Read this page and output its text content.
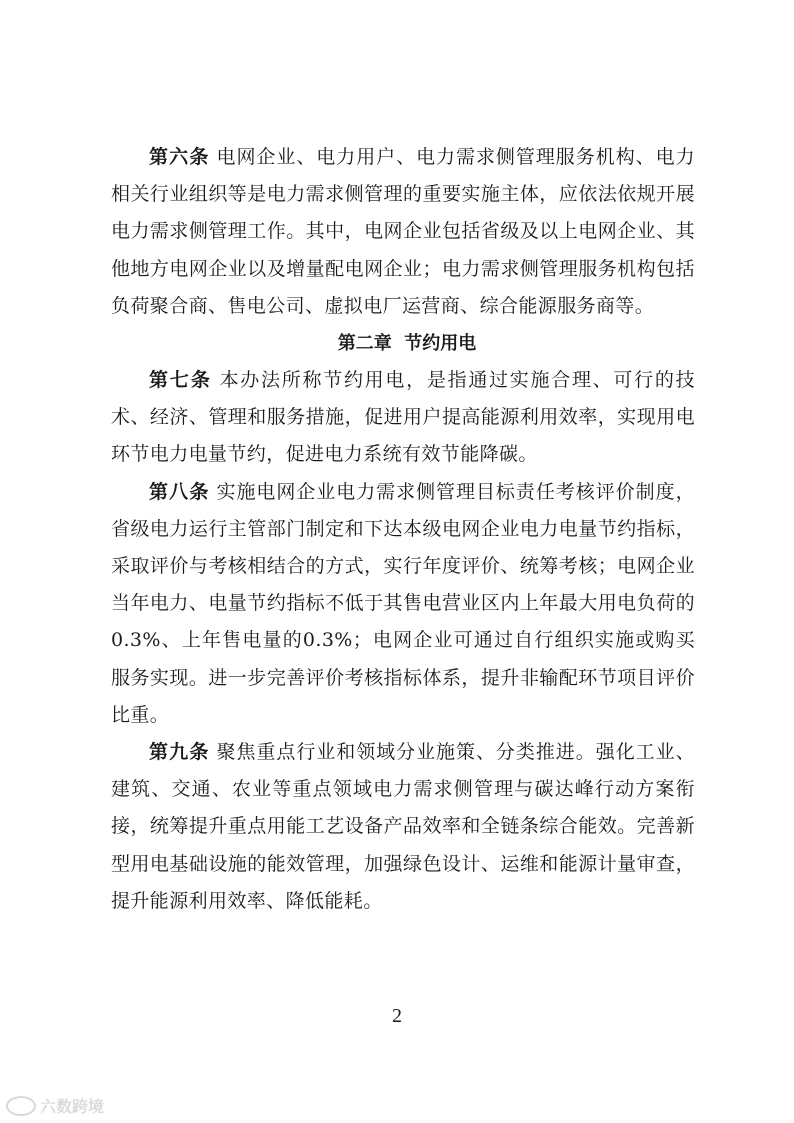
第六条 电网企业、电力用户、电力需求侧管理服务机构、电力相关行业组织等是电力需求侧管理的重要实施主体，应依法依规开展电力需求侧管理工作。其中，电网企业包括省级及以上电网企业、其他地方电网企业以及增量配电网企业；电力需求侧管理服务机构包括负荷聚合商、售电公司、虚拟电厂运营商、综合能源服务商等。

第二章 节约用电

第七条 本办法所称节约用电，是指通过实施合理、可行的技术、经济、管理和服务措施，促进用户提高能源利用效率，实现用电环节电力电量节约，促进电力系统有效节能降碳。

第八条 实施电网企业电力需求侧管理目标责任考核评价制度，省级电力运行主管部门制定和下达本级电网企业电力电量节约指标，采取评价与考核相结合的方式，实行年度评价、统筹考核；电网企业当年电力、电量节约指标不低于其售电营业区内上年最大用电负荷的0.3%、上年售电量的0.3%；电网企业可通过自行组织实施或购买服务实现。进一步完善评价考核指标体系，提升非输配环节项目评价比重。

第九条 聚焦重点行业和领域分业施策、分类推进。强化工业、建筑、交通、农业等重点领域电力需求侧管理与碳达峰行动方案衔接，统筹提升重点用能工艺设备产品效率和全链条综合能效。完善新型用电基础设施的能效管理，加强绿色设计、运维和能源计量审查，提升能源利用效率、降低能耗。

2
六数跨境
